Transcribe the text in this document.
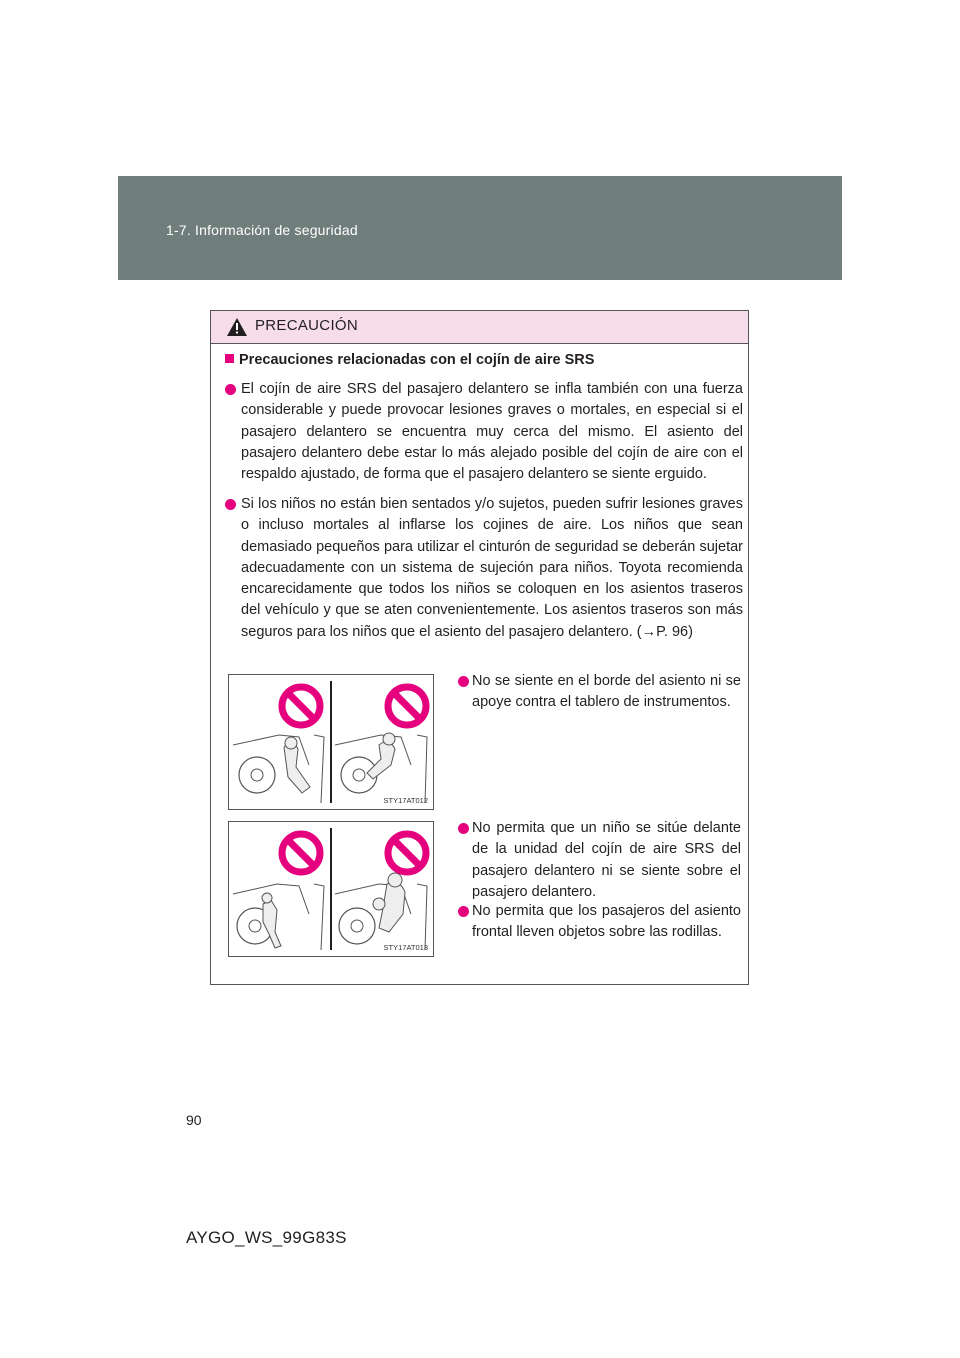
1-7. Información de seguridad
PRECAUCIÓN
Precauciones relacionadas con el cojín de aire SRS
El cojín de aire SRS del pasajero delantero se infla también con una fuerza considerable y puede provocar lesiones graves o mortales, en especial si el pasajero delantero se encuentra muy cerca del mismo. El asiento del pasajero delantero debe estar lo más alejado posible del cojín de aire con el respaldo ajustado, de forma que el pasajero delantero se siente erguido.
Si los niños no están bien sentados y/o sujetos, pueden sufrir lesiones graves o incluso mortales al inflarse los cojines de aire. Los niños que sean demasiado pequeños para utilizar el cinturón de seguridad se deberán sujetar adecuadamente con un sistema de sujeción para niños. Toyota recomienda encarecidamente que todos los niños se coloquen en los asientos traseros del vehículo y que se aten convenientemente. Los asientos traseros son más seguros para los niños que el asiento del pasajero delantero. (→P. 96)
STY17AT012
No se siente en el borde del asiento ni se apoye contra el tablero de instrumentos.
STY17AT013
No permita que un niño se sitúe delante de la unidad del cojín de aire SRS del pasajero delantero ni se siente sobre el pasajero delantero.
No permita que los pasajeros del asiento frontal lleven objetos sobre las rodillas.
90
AYGO_WS_99G83S
